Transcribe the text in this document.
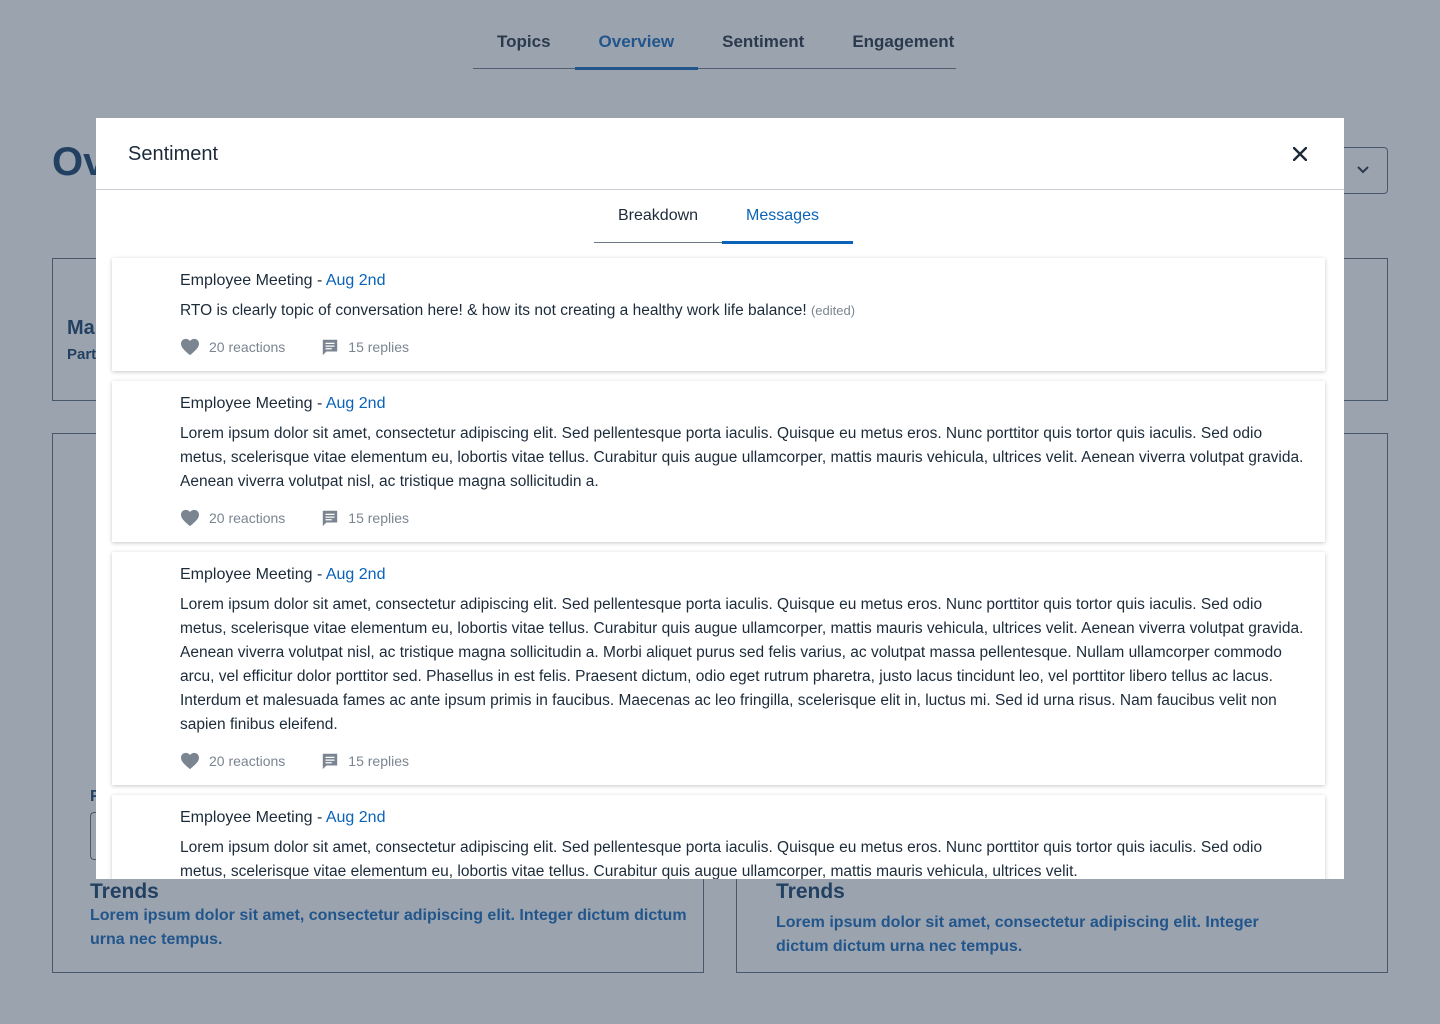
Sentiment
Breakdown	Messages
Employee Meeting - Aug 2nd
RTO is clearly topic of conversation here! & how its not creating a healthy work life balance! (edited)
20 reactions	15 replies
Employee Meeting - Aug 2nd
Lorem ipsum dolor sit amet, consectetur adipiscing elit. Sed pellentesque porta iaculis. Quisque eu metus eros. Nunc porttitor quis tortor quis iaculis. Sed odio metus, scelerisque vitae elementum eu, lobortis vitae tellus. Curabitur quis augue ullamcorper, mattis mauris vehicula, ultrices velit. Aenean viverra volutpat gravida. Aenean viverra volutpat nisl, ac tristique magna sollicitudin a.
20 reactions	15 replies
Employee Meeting - Aug 2nd
Lorem ipsum dolor sit amet, consectetur adipiscing elit. Sed pellentesque porta iaculis. Quisque eu metus eros. Nunc porttitor quis tortor quis iaculis. Sed odio metus, scelerisque vitae elementum eu, lobortis vitae tellus. Curabitur quis augue ullamcorper, mattis mauris vehicula, ultrices velit. Aenean viverra volutpat gravida. Aenean viverra volutpat nisl, ac tristique magna sollicitudin a. Morbi aliquet purus sed felis varius, ac volutpat massa pellentesque. Nullam ullamcorper commodo arcu, vel efficitur dolor porttitor sed. Phasellus in est felis. Praesent dictum, odio eget rutrum pharetra, justo lacus tincidunt leo, vel porttitor libero tellus ac lacus. Interdum et malesuada fames ac ante ipsum primis in faucibus. Maecenas ac leo fringilla, scelerisque elit in, luctus mi. Sed id urna risus. Nam faucibus velit non sapien finibus eleifend.
20 reactions	15 replies
Employee Meeting - Aug 2nd
Lorem ipsum dolor sit amet, consectetur adipiscing elit. Sed pellentesque porta iaculis. Quisque eu metus eros. Nunc porttitor quis tortor quis iaculis. Sed odio metus, scelerisque vitae elementum eu, lobortis vitae tellus. Curabitur quis augue ullamcorper, mattis mauris vehicula, ultrices velit.
